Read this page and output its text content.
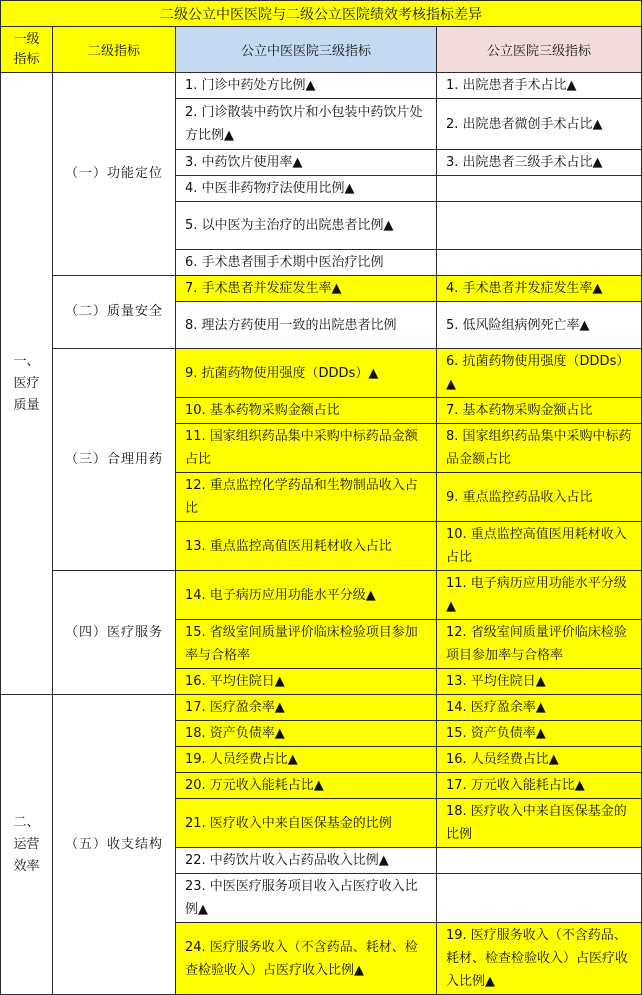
二级公立中医医院与二级公立医院绩效考核指标差异			
一级
指标	二级指标	公立中医医院三级指标	公立医院三级指标
一、
医疗
质量	（一）功能定位	1. 门诊中药处方比例▲	1. 出院患者手术占比▲
		2. 门诊散装中药饮片和小包装中药饮片处方比例▲	2. 出院患者微创手术占比▲
		3. 中药饮片使用率▲	3. 出院患者三级手术占比▲
		4. 中医非药物疗法使用比例▲	
		5. 以中医为主治疗的出院患者比例▲	
		6. 手术患者围手术期中医治疗比例	
	（二）质量安全	7. 手术患者并发症发生率▲	4. 手术患者并发症发生率▲
		8. 理法方药使用一致的出院患者比例	5. 低风险组病例死亡率▲
	（三）合理用药	9. 抗菌药物使用强度（DDDs）▲	6. 抗菌药物使用强度（DDDs）▲
		10. 基本药物采购金额占比	7. 基本药物采购金额占比
		11. 国家组织药品集中采购中标药品金额占比	8. 国家组织药品集中采购中标药品金额占比
		12. 重点监控化学药品和生物制品收入占比	9. 重点监控药品收入占比
		13. 重点监控高值医用耗材收入占比	10. 重点监控高值医用耗材收入占比
	（四）医疗服务	14. 电子病历应用功能水平分级▲	11. 电子病历应用功能水平分级▲
		15. 省级室间质量评价临床检验项目参加率与合格率	12. 省级室间质量评价临床检验项目参加率与合格率
		16. 平均住院日▲	13. 平均住院日▲
二、
运营
效率	（五）收支结构	17. 医疗盈余率▲	14. 医疗盈余率▲
		18. 资产负债率▲	15. 资产负债率▲
		19. 人员经费占比▲	16. 人员经费占比▲
		20. 万元收入能耗占比▲	17. 万元收入能耗占比▲
		21. 医疗收入中来自医保基金的比例	18. 医疗收入中来自医保基金的比例
		22. 中药饮片收入占药品收入比例▲	
		23. 中医医疗服务项目收入占医疗收入比例▲	
		24. 医疗服务收入（不含药品、耗材、检查检验收入）占医疗收入比例▲	19. 医疗服务收入（不含药品、耗材、检查检验收入）占医疗收入比例▲
